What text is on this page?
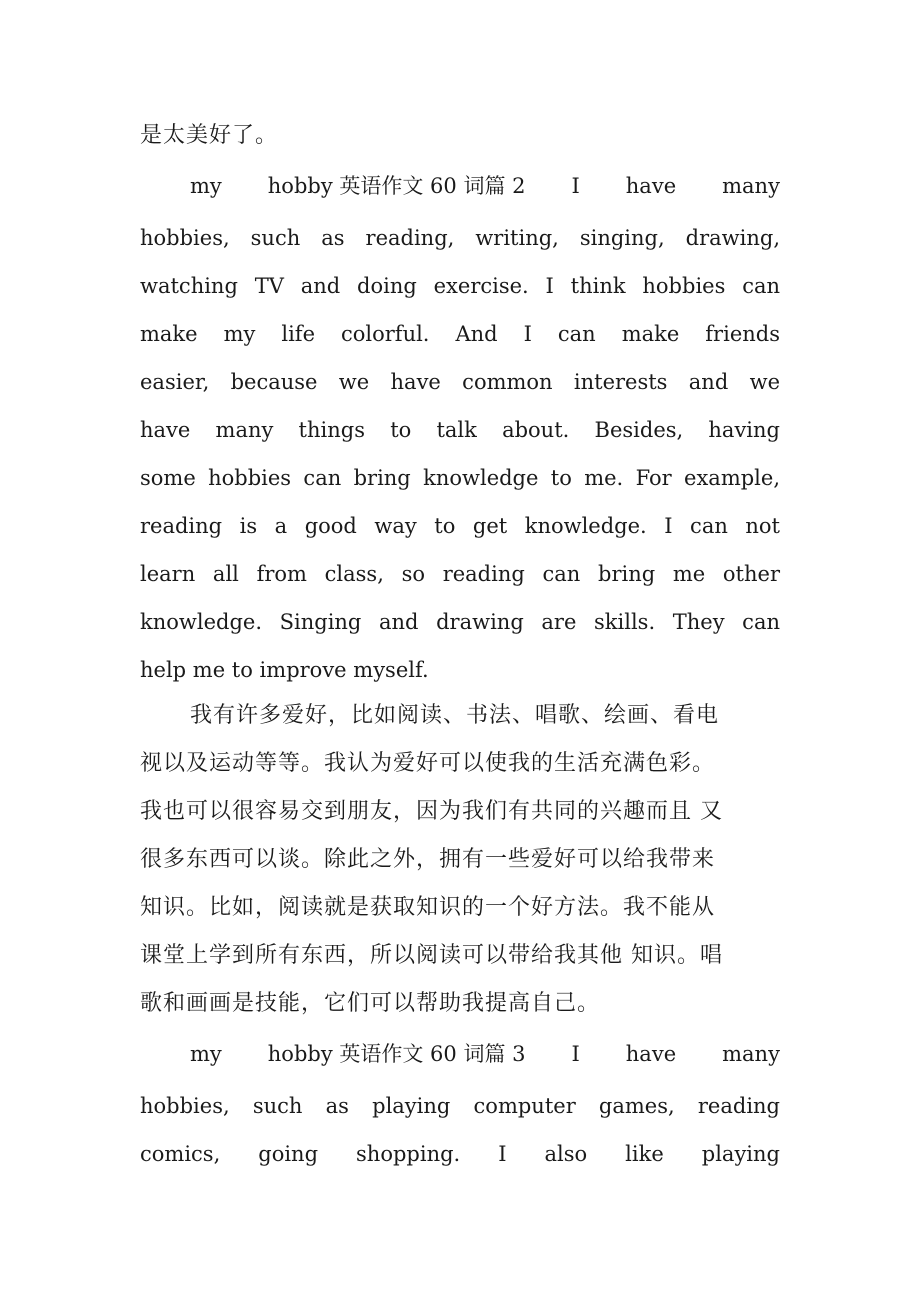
是太美好了。
my hobby 英语作文 60 词篇 2 I have many
hobbies, such as reading, writing, singing, drawing,
watching TV and doing exercise. I think hobbies can
make my life colorful. And I can make friends
easier, because we have common interests and we
have many things to talk about. Besides, having
some hobbies can bring knowledge to me. For example,
reading is a good way to get knowledge. I can not
learn all from class, so reading can bring me other
knowledge. Singing and drawing are skills. They can
help me to improve myself.
我有许多爱好，比如阅读、书法、唱歌、绘画、看电
视以及运动等等。我认为爱好可以使我的生活充满色彩。
我也可以很容易交到朋友，因为我们有共同的兴趣而且 又
很多东西可以谈。除此之外，拥有一些爱好可以给我带来
知识。比如，阅读就是获取知识的一个好方法。我不能从
课堂上学到所有东西，所以阅读可以带给我其他 知识。唱
歌和画画是技能，它们可以帮助我提高自己。
my hobby 英语作文 60 词篇 3 I have many
hobbies, such as playing computer games, reading
comics, going shopping. I also like playing
